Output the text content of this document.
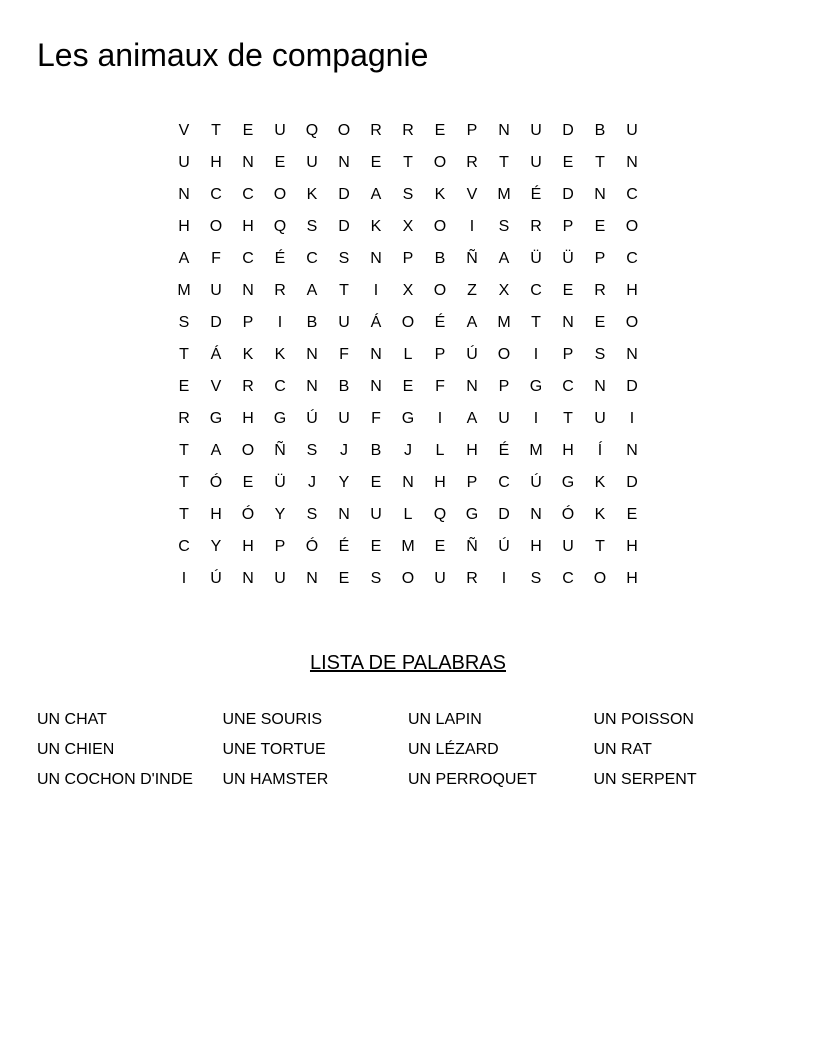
Les animaux de compagnie
V	T	E	U	Q	O	R	R	E	P	N	U	D	B	U
U	H	N	E	U	N	E	T	O	R	T	U	E	T	N
N	C	C	O	K	D	A	S	K	V	M	É	D	N	C
H	O	H	Q	S	D	K	X	O	I	S	R	P	E	O
A	F	C	É	C	S	N	P	B	Ñ	A	Ü	Ü	P	C
M	U	N	R	A	T	I	X	O	Z	X	C	E	R	H
S	D	P	I	B	U	Á	O	É	A	M	T	N	E	O
T	Á	K	K	N	F	N	L	P	Ú	O	I	P	S	N
E	V	R	C	N	B	N	E	F	N	P	G	C	N	D
R	G	H	G	Ú	U	F	G	I	A	U	I	T	U	I
T	A	O	Ñ	S	J	B	J	L	H	É	M	H	Í	N
T	Ó	E	Ü	J	Y	E	N	H	P	C	Ú	G	K	D
T	H	Ó	Y	S	N	U	L	Q	G	D	N	Ó	K	E
C	Y	H	P	Ó	É	E	M	E	Ñ	Ú	H	U	T	H
I	Ú	N	U	N	E	S	O	U	R	I	S	C	O	H
LISTA DE PALABRAS
UN CHAT	UNE SOURIS	UN LAPIN	UN POISSON
UN CHIEN	UNE TORTUE	UN LÉZARD	UN RAT
UN COCHON D'INDE	UN HAMSTER	UN PERROQUET	UN SERPENT
